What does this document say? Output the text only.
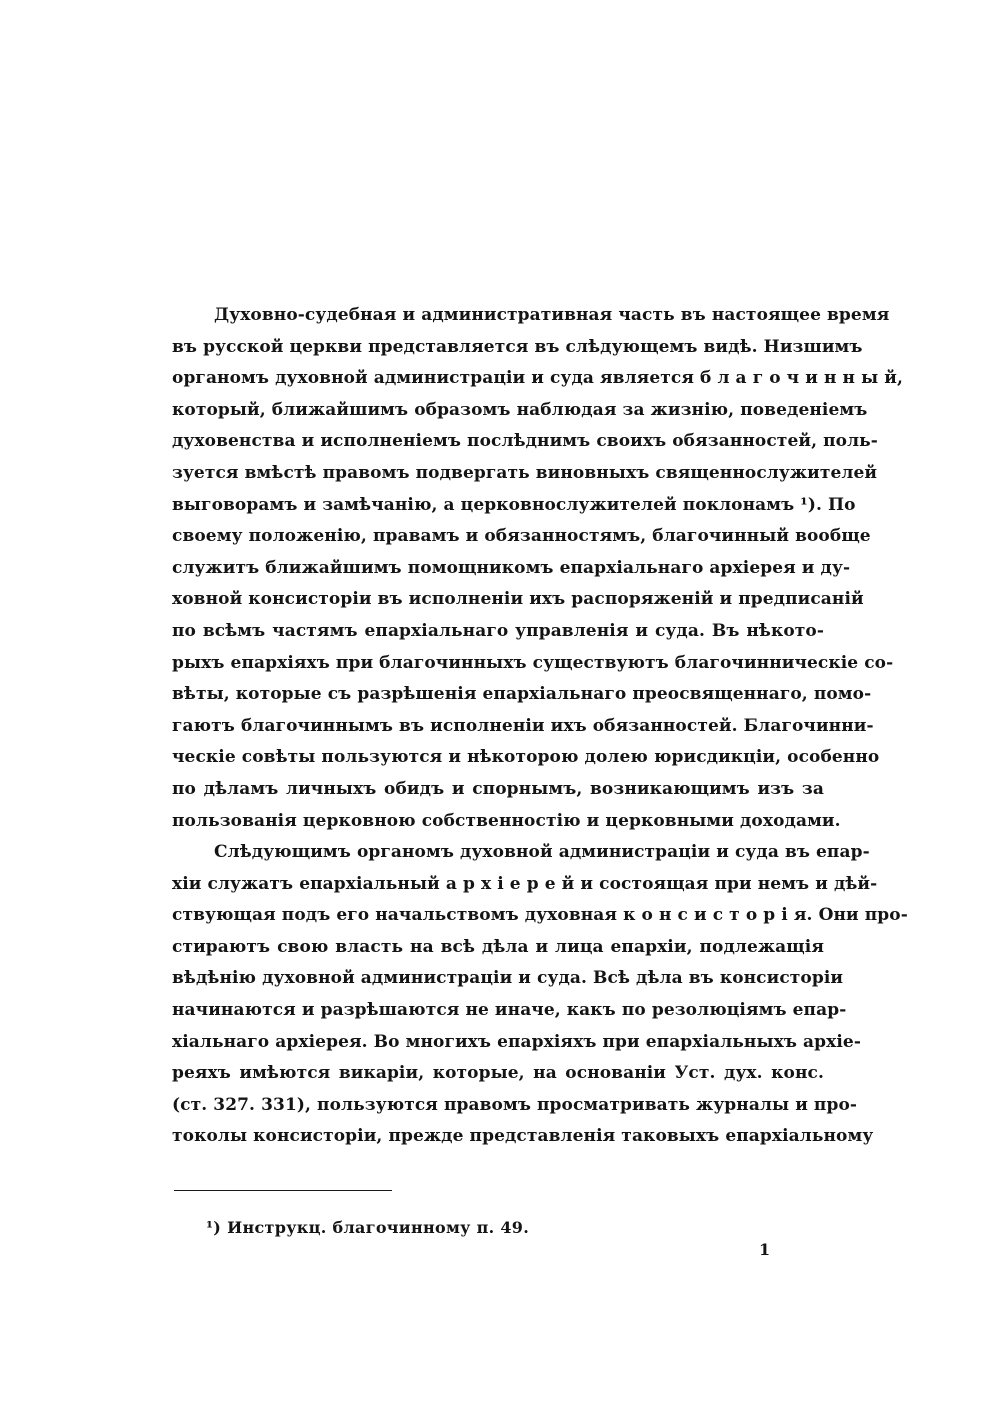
Духовно-судебная и административная часть въ настоящее время
въ русской церкви представляется въ слѣдующемъ видѣ. Низшимъ
органомъ духовной администраціи и суда является б л а г о ч и н н ы й,
который, ближайшимъ образомъ наблюдая за жизнію, поведеніемъ
духовенства и исполненіемъ послѣднимъ своихъ обязанностей, поль-
зуется вмѣстѣ правомъ подвергать виновныхъ священнослужителей
выговорамъ и замѣчанію, а церковнослужителей поклонамъ ¹). По
своему положенію, правамъ и обязанностямъ, благочинный вообще
служитъ ближайшимъ помощникомъ епархіальнаго архіерея и ду-
ховной консисторіи въ исполненіи ихъ распоряженій и предписаній
по всѣмъ частямъ епархіальнаго управленія и суда. Въ нѣкото-
рыхъ епархіяхъ при благочинныхъ существуютъ благочинническіе со-
вѣты, которые съ разрѣшенія епархіальнаго преосвященнаго, помо-
гаютъ благочиннымъ въ исполненіи ихъ обязанностей. Благочинни-
ческіе совѣты пользуются и нѣкоторою долею юрисдикціи, особенно
по дѣламъ личныхъ обидъ и спорнымъ, возникающимъ изъ за
пользованія церковною собственностію и церковными доходами.
Слѣдующимъ органомъ духовной администраціи и суда въ епар-
хіи служатъ епархіальный а р х і е р е й и состоящая при немъ и дѣй-
ствующая подъ его начальствомъ духовная к о н с и с т о р і я. Они про-
стираютъ свою власть на всѣ дѣла и лица епархіи, подлежащія
вѣдѣнію духовной администраціи и суда. Всѣ дѣла въ консисторіи
начинаются и разрѣшаются не иначе, какъ по резолюціямъ епар-
хіальнаго архіерея. Во многихъ епархіяхъ при епархіальныхъ архіе-
реяхъ имѣются викаріи, которые, на основаніи Уст. дух. конс.
(ст. 327. 331), пользуются правомъ просматривать журналы и про-
токолы консисторіи, прежде представленія таковыхъ епархіальному
¹) Инструкц. благочинному п. 49.
1
